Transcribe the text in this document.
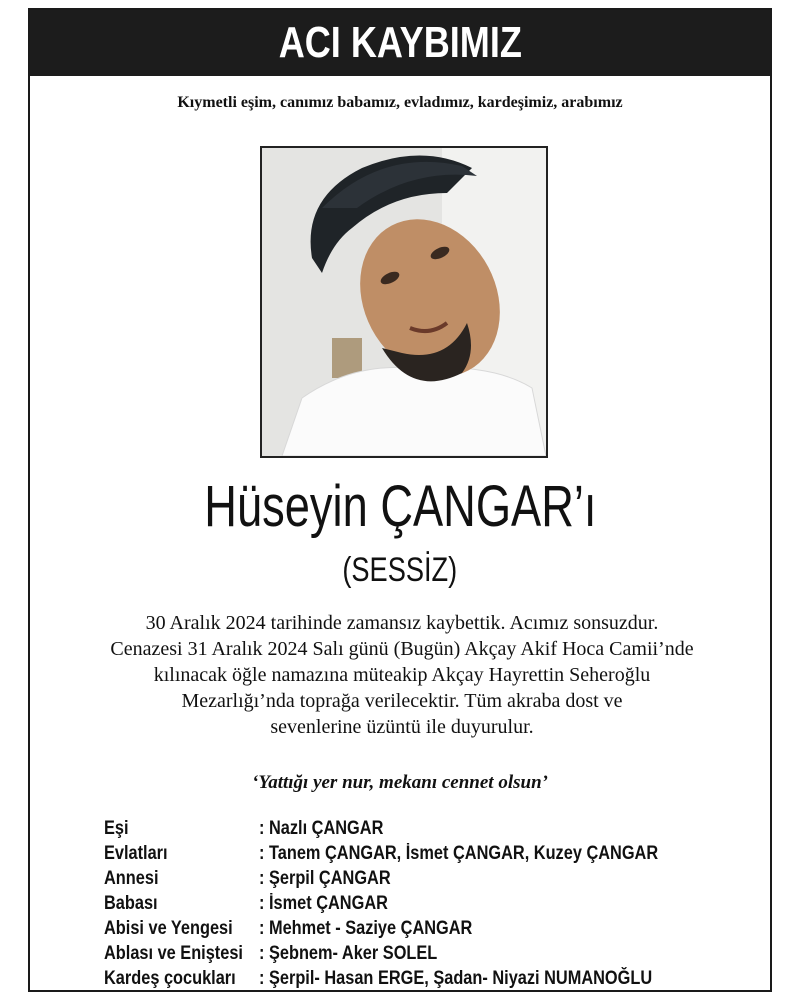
ACI KAYBIMIZ
Kıymetli eşim, canımız babamız, evladımız, kardeşimiz, arabımız
Hüseyin ÇANGAR’ı
(SESSİZ)
30 Aralık 2024 tarihinde zamansız kaybettik. Acımız sonsuzdur.
Cenazesi 31 Aralık 2024 Salı günü (Bugün) Akçay Akif Hoca Camii’nde
kılınacak öğle namazına müteakip Akçay Hayrettin Seheroğlu
Mezarlığı’nda toprağa verilecektir. Tüm akraba dost ve
sevenlerine üzüntü ile duyurulur.
‘Yattığı yer nur, mekanı cennet olsun’
Eşi	: Nazlı ÇANGAR
Evlatları	: Tanem ÇANGAR, İsmet ÇANGAR, Kuzey ÇANGAR
Annesi	: Şerpil ÇANGAR
Babası	: İsmet ÇANGAR
Abisi ve Yengesi : Mehmet - Saziye ÇANGAR
Ablası ve Eniştesi : Şebnem- Aker SOLEL
Kardeş çocukları : Şerpil- Hasan ERGE, Şadan- Niyazi NUMANOĞLU
